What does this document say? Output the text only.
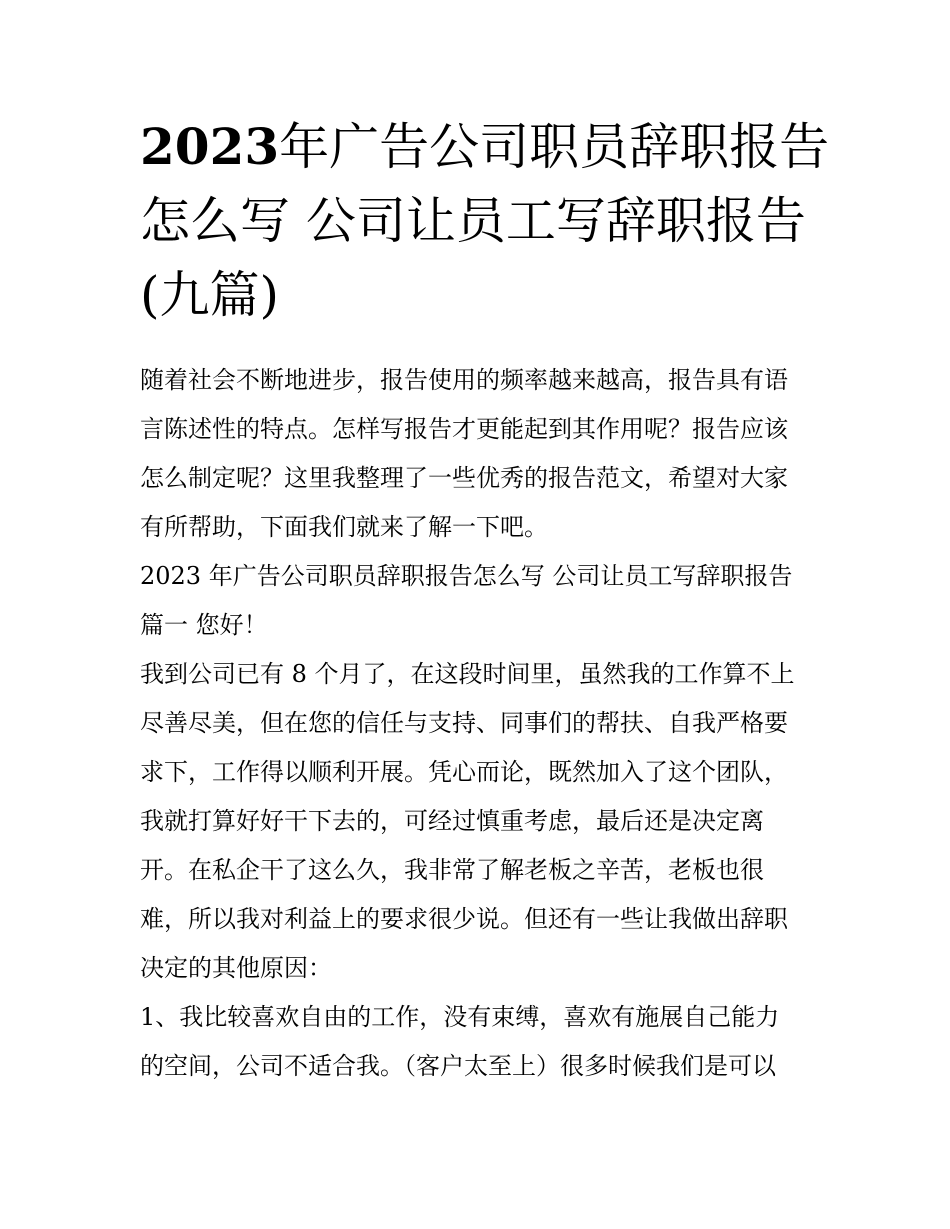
2023年广告公司职员辞职报告
怎么写 公司让员工写辞职报告
(九篇)
随着社会不断地进步，报告使用的频率越来越高，报告具有语
言陈述性的特点。怎样写报告才更能起到其作用呢？报告应该
怎么制定呢？这里我整理了一些优秀的报告范文，希望对大家
有所帮助，下面我们就来了解一下吧。
2023 年广告公司职员辞职报告怎么写 公司让员工写辞职报告
篇一 您好！
我到公司已有 8 个月了，在这段时间里，虽然我的工作算不上
尽善尽美，但在您的信任与支持、同事们的帮扶、自我严格要
求下，工作得以顺利开展。凭心而论，既然加入了这个团队，
我就打算好好干下去的，可经过慎重考虑，最后还是决定离
开。在私企干了这么久，我非常了解老板之辛苦，老板也很
难，所以我对利益上的要求很少说。但还有一些让我做出辞职
决定的其他原因：
1、我比较喜欢自由的工作，没有束缚，喜欢有施展自己能力
的空间，公司不适合我。（客户太至上）很多时候我们是可以
